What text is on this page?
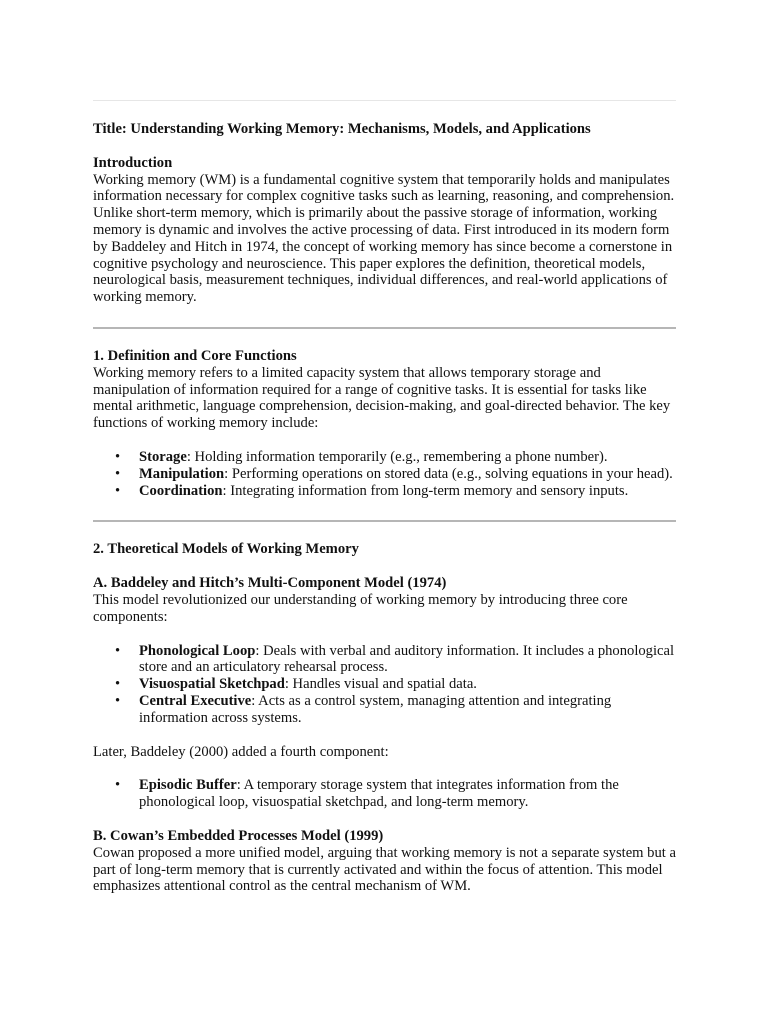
Title: Understanding Working Memory: Mechanisms, Models, and Applications

Introduction

Working memory (WM) is a fundamental cognitive system that temporarily holds and manipulates information necessary for complex cognitive tasks such as learning, reasoning, and comprehension. Unlike short-term memory, which is primarily about the passive storage of information, working memory is dynamic and involves the active processing of data. First introduced in its modern form by Baddeley and Hitch in 1974, the concept of working memory has since become a cornerstone in cognitive psychology and neuroscience. This paper explores the definition, theoretical models, neurological basis, measurement techniques, individual differences, and real-world applications of working memory.

1. Definition and Core Functions

Working memory refers to a limited capacity system that allows temporary storage and manipulation of information required for a range of cognitive tasks. It is essential for tasks like mental arithmetic, language comprehension, decision-making, and goal-directed behavior. The key functions of working memory include:

• Storage: Holding information temporarily (e.g., remembering a phone number).
• Manipulation: Performing operations on stored data (e.g., solving equations in your head).
• Coordination: Integrating information from long-term memory and sensory inputs.

2. Theoretical Models of Working Memory

A. Baddeley and Hitch’s Multi-Component Model (1974)

This model revolutionized our understanding of working memory by introducing three core components:

• Phonological Loop: Deals with verbal and auditory information. It includes a phonological store and an articulatory rehearsal process.
• Visuospatial Sketchpad: Handles visual and spatial data.
• Central Executive: Acts as a control system, managing attention and integrating information across systems.

Later, Baddeley (2000) added a fourth component:

• Episodic Buffer: A temporary storage system that integrates information from the phonological loop, visuospatial sketchpad, and long-term memory.

B. Cowan’s Embedded Processes Model (1999)

Cowan proposed a more unified model, arguing that working memory is not a separate system but a part of long-term memory that is currently activated and within the focus of attention. This model emphasizes attentional control as the central mechanism of WM.
